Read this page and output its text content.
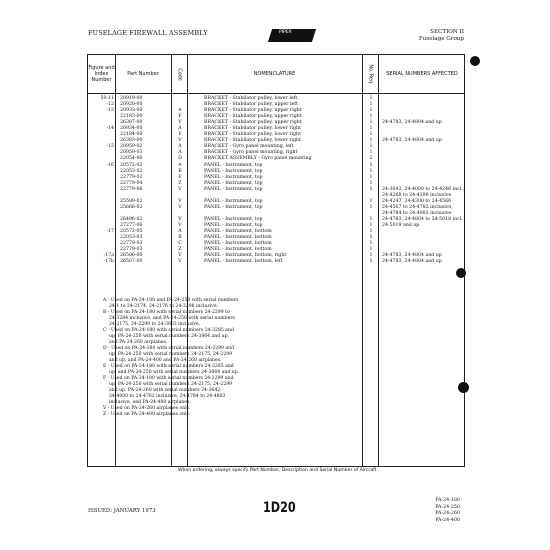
FUSELAGE FIREWALL ASSEMBLY	PIPER	SECTION II
Fuselage Group
Figure and Index Number
Part Number	Code	NOMENCLATURE	No. Req.	SERIAL NUMBERS AFFECTED
50-11 20919-00	BRACKET - Stabilator pulley, lower left	1
-12 20920-00	BRACKET - Stabilator pulley, upper left	1
-13 20933-00	A	BRACKET - Stabilator pulley, upper right	1
22183-00	F	BRACKET - Stabilator pulley, upper right	1
26387-00	V	BRACKET - Stabilator pulley, upper right	1	24-4783, 24-4804 and up
-14 20934-00	A	BRACKET - Stabilator pulley, lower right	1
22184-00	F	BRACKET - Stabilator pulley, lower right	1
26383-00	V	BRACKET - Stabilator pulley, lower right	1	24-4783, 24-4804 and up
-15 20959-02	A	BRACKET - Gyro panel mounting, left	1
20959-03	A	BRACKET - Gyro panel mounting, right	1
22054-00	D	BRACKET ASSEMBLY - Gyro panel mounting	2
-16 20572-02	A	PANEL - Instrument, top	1
22053-02	B	PANEL - Instrument, top	1
22779-02	E	PANEL - Instrument, top	1
22779-04	Z	PANEL - Instrument, top	1
22779-06	V	PANEL - Instrument, top	1	24-3642, 24-4000 to 24-4246 incl.,
24-4268 to 24-4299 inclusive
25589-02	V	PANEL - Instrument, top	1	24-4247, 24-4300 to 24-4566
25666-02	V	PANEL - Instrument, top	1	24-4567 to 24-4782 inclusive,
24-4784 to 24-4803 inclusive
26496-02	V	PANEL - Instrument, top	1	24-4783, 24-4804 to 24-5018 incl.
27277-06	V	PANEL - Instrument, top	1	24-5019 and up
-17 20572-05	A	PANEL - Instrument, bottom	1
22053-03	B	PANEL - Instrument, bottom	1
22779-03	C	PANEL - Instrument, bottom	1
22779-03	Z	PANEL - Instrument, bottom	1
-17a 26506-00	V	PANEL - Instrument, bottom, right	1	24-4783, 24-4804 and up
-17b 26507-00	V	PANEL - Instrument, bottom, left	1	24-4783, 24-4804 and up
A - Used on PA-24-180 and PA-24-250 with serial numbers
24-1 to 24-2174, 24-2176 to 24-2298 inclusive.
B - Used on PA-24-180 with serial numbers 24-2299 to
24-3284 inclusive, and PA-24-250 with serial numbers
24-2175, 24-2299 to 24-3863 inclusive.
C - Used on PA-24-180 with serial numbers 24-3285 and
up, PA-24-250 with serial numbers 24-3864 and up,
and PA-24-260 airplanes.
D - Used on PA-24-180 with serial numbers 24-2299 and
up, PA-24-250 with serial numbers 24-2175, 24-2299
and up, and PA-24-400 and PA-24-260 airplanes.
E - Used on PA-24-180 with serial numbers 24-3285 and
up, and PA-24-250 with serial numbers 24-3864 and up.
F - Used on PA-24-180 with serial numbers 24-2299 and
up, PA-24-250 with serial numbers 24-2175, 24-2299
and up, PA-24-260 with serial numbers 24-3642,
24-4000 to 24-4782 inclusive, 24-4784 to 24-4803
inclusive, and PA-24-400 airplanes.
V - Used on PA-24-260 airplanes only.
Z - Used on PA-24-400 airplanes only.
When ordering, always specify Part Number, Description and Serial Number of Aircraft
ISSUED: JANUARY 1973	1D20	PA-24-180
PA-24-250
PA-24-260
PA-24-400
